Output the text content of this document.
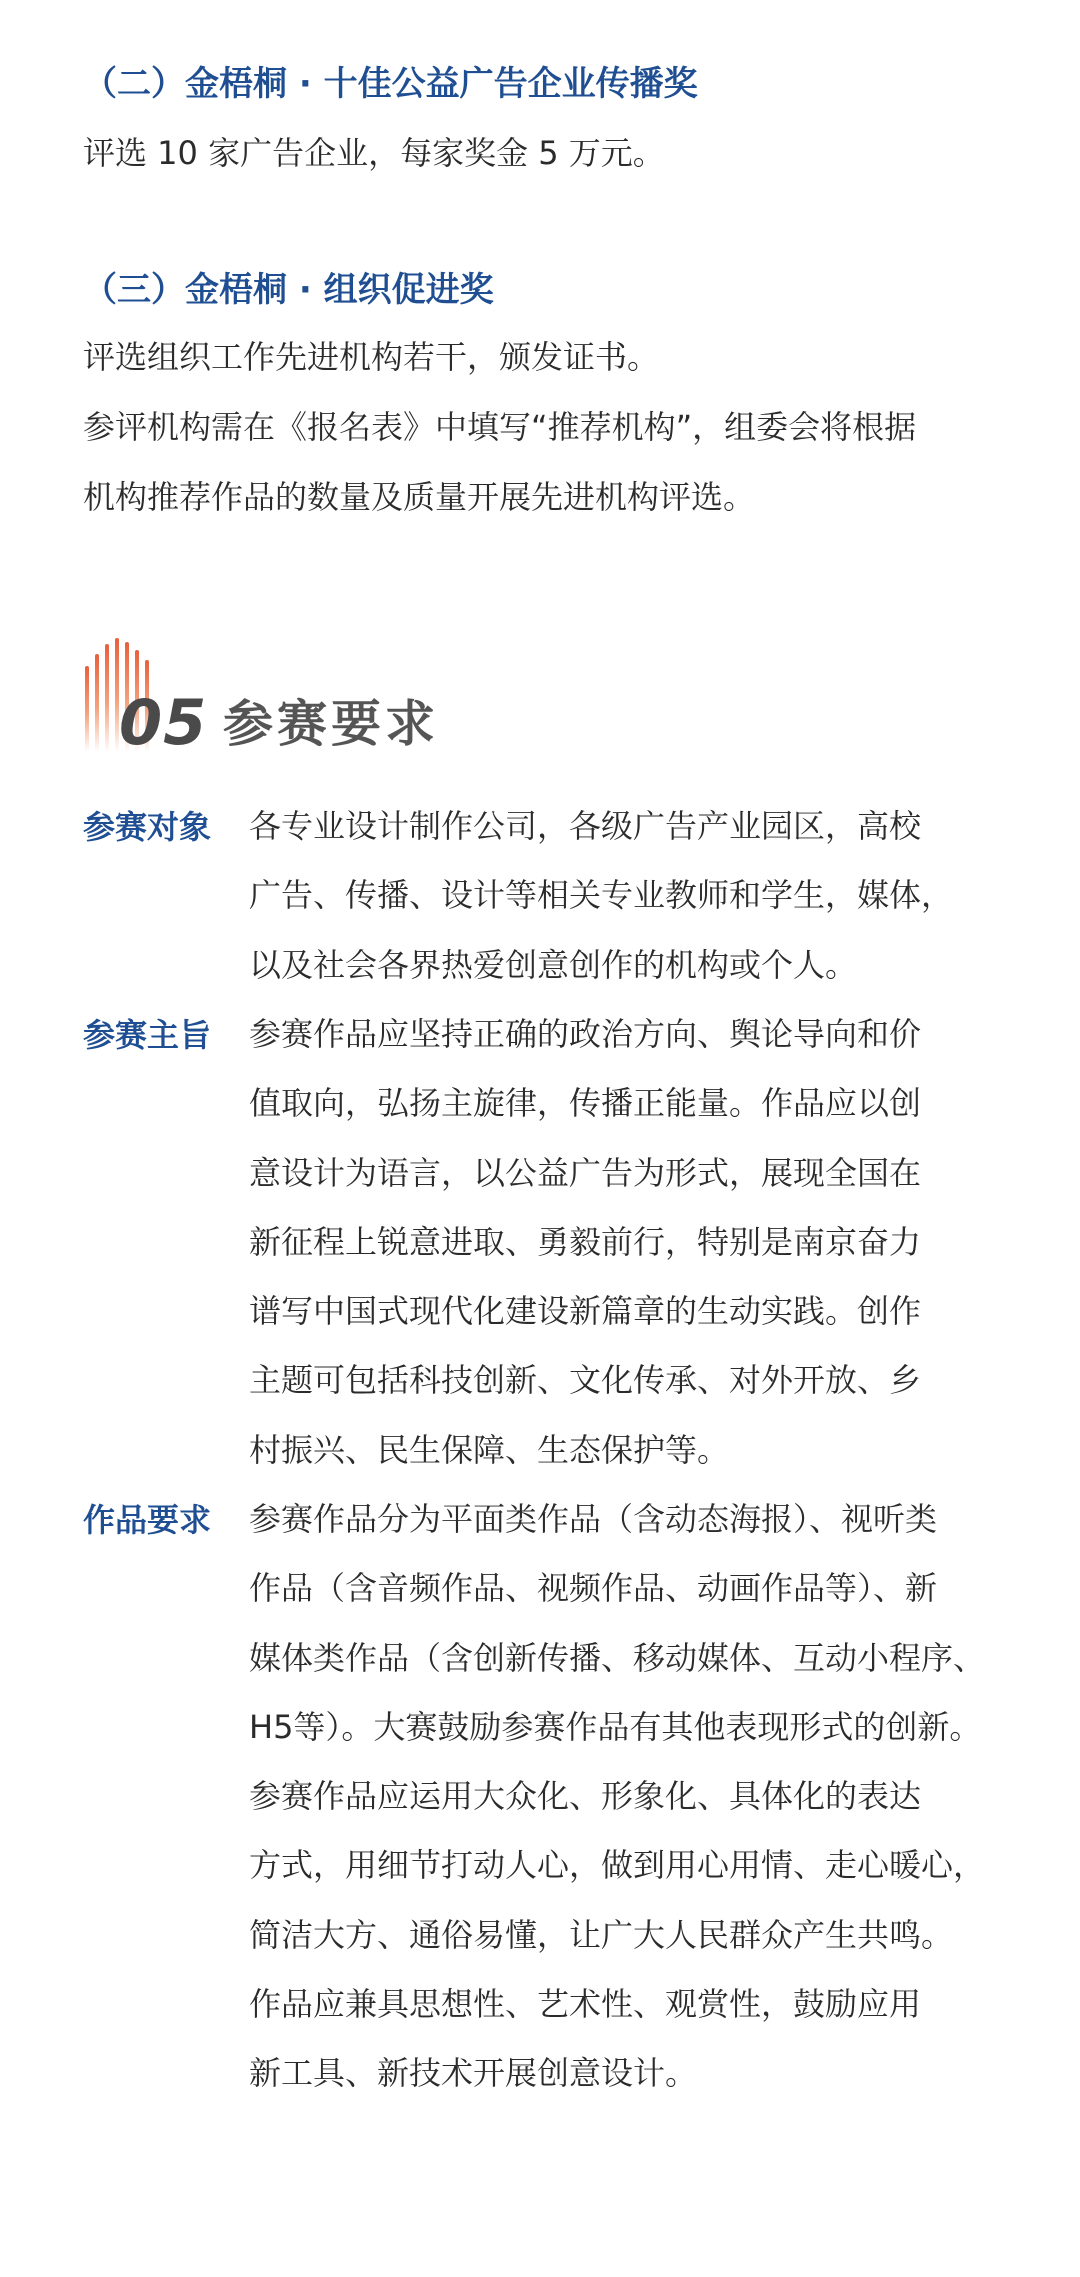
（二）金梧桐 · 十佳公益广告企业传播奖
评选 10 家广告企业，每家奖金 5 万元。
（三）金梧桐 · 组织促进奖
评选组织工作先进机构若干，颁发证书。
参评机构需在《报名表》中填写“推荐机构”，组委会将根据
机构推荐作品的数量及质量开展先进机构评选。
05 参赛要求
参赛对象 各专业设计制作公司，各级广告产业园区，高校
广告、传播、设计等相关专业教师和学生，媒体，
以及社会各界热爱创意创作的机构或个人。
参赛主旨 参赛作品应坚持正确的政治方向、舆论导向和价
值取向，弘扬主旋律，传播正能量。作品应以创
意设计为语言，以公益广告为形式，展现全国在
新征程上锐意进取、勇毅前行，特别是南京奋力
谱写中国式现代化建设新篇章的生动实践。创作
主题可包括科技创新、文化传承、对外开放、乡
村振兴、民生保障、生态保护等。
作品要求 参赛作品分为平面类作品（含动态海报）、视听类
作品（含音频作品、视频作品、动画作品等）、新
媒体类作品（含创新传播、移动媒体、互动小程序、
H5等）。大赛鼓励参赛作品有其他表现形式的创新。
参赛作品应运用大众化、形象化、具体化的表达
方式，用细节打动人心，做到用心用情、走心暖心，
简洁大方、通俗易懂，让广大人民群众产生共鸣。
作品应兼具思想性、艺术性、观赏性，鼓励应用
新工具、新技术开展创意设计。
